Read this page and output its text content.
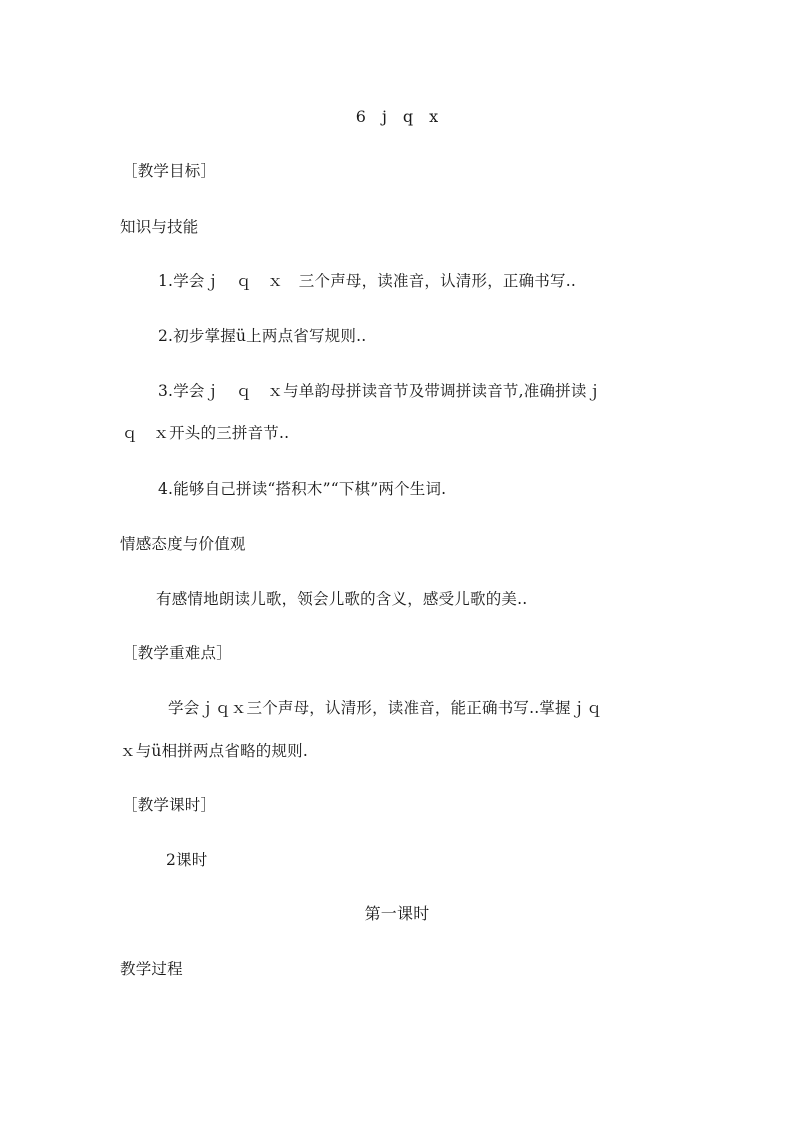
6　j　q　x
［教学目标］
知识与技能
1.学会ｊ　ｑ　ｘ　三个声母，读准音，认清形，正确书写..
2.初步掌握ü上两点省写规则..
3.学会ｊ　ｑ　ｘ与单韵母拼读音节及带调拼读音节,准确拼读ｊ
ｑ　ｘ开头的三拼音节..
4.能够自己拼读“搭积木”“下棋”两个生词.
情感态度与价值观
有感情地朗读儿歌，领会儿歌的含义，感受儿歌的美..
［教学重难点］
学会ｊｑｘ三个声母，认清形，读准音，能正确书写..掌握ｊｑ
ｘ与ü相拼两点省略的规则.
［教学课时］
2课时
第一课时
教学过程
